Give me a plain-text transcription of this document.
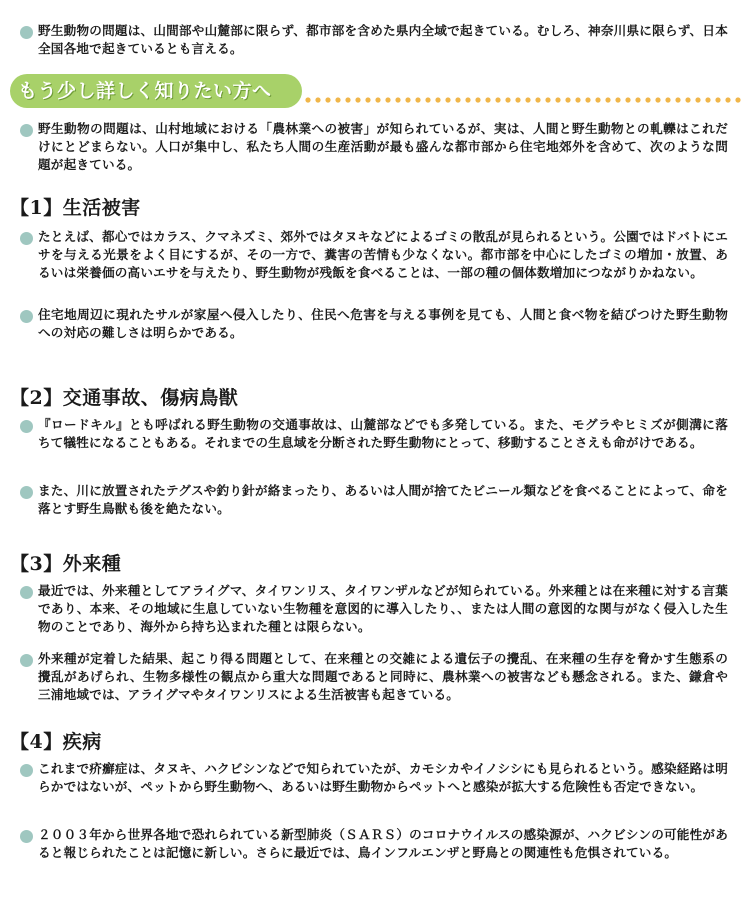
野生動物の問題は、山間部や山麓部に限らず、都市部を含めた県内全域で起きている。むしろ、神奈川県に限らず、日本全国各地で起きているとも言える。

もう少し詳しく知りたい方へ

野生動物の問題は、山村地域における「農林業への被害」が知られているが、実は、人間と野生動物との軋轢はこれだけにとどまらない。人口が集中し、私たち人間の生産活動が最も盛んな都市部から住宅地郊外を含めて、次のような問題が起きている。

【1】生活被害

たとえば、都心ではカラス、クマネズミ、郊外ではタヌキなどによるゴミの散乱が見られるという。公園ではドバトにエサを与える光景をよく目にするが、その一方で、糞害の苦情も少なくない。都市部を中心にしたゴミの増加・放置、あるいは栄養価の高いエサを与えたり、野生動物が残飯を食べることは、一部の種の個体数増加につながりかねない。

住宅地周辺に現れたサルが家屋へ侵入したり、住民へ危害を与える事例を見ても、人間と食べ物を結びつけた野生動物への対応の難しさは明らかである。

【2】交通事故、傷病鳥獣

『ロードキル』とも呼ばれる野生動物の交通事故は、山麓部などでも多発している。また、モグラやヒミズが側溝に落ちて犠牲になることもある。それまでの生息域を分断された野生動物にとって、移動することさえも命がけである。

また、川に放置されたテグスや釣り針が絡まったり、あるいは人間が捨てたビニール類などを食べることによって、命を落とす野生鳥獣も後を絶たない。

【3】外来種

最近では、外来種としてアライグマ、タイワンリス、タイワンザルなどが知られている。外来種とは在来種に対する言葉であり、本来、その地域に生息していない生物種を意図的に導入したり、、または人間の意図的な関与がなく侵入した生物のことであり、海外から持ち込まれた種とは限らない。

外来種が定着した結果、起こり得る問題として、在来種との交雑による遺伝子の攪乱、在来種の生存を脅かす生態系の攪乱があげられ、生物多様性の観点から重大な問題であると同時に、農林業への被害なども懸念される。また、鎌倉や三浦地域では、アライグマやタイワンリスによる生活被害も起きている。

【4】疾病

これまで疥癬症は、タヌキ、ハクビシンなどで知られていたが、カモシカやイノシシにも見られるという。感染経路は明らかではないが、ペットから野生動物へ、あるいは野生動物からペットへと感染が拡大する危険性も否定できない。

２００３年から世界各地で恐れられている新型肺炎（ＳＡＲＳ）のコロナウイルスの感染源が、ハクビシンの可能性があると報じられたことは記憶に新しい。さらに最近では、鳥インフルエンザと野鳥との関連性も危惧されている。
